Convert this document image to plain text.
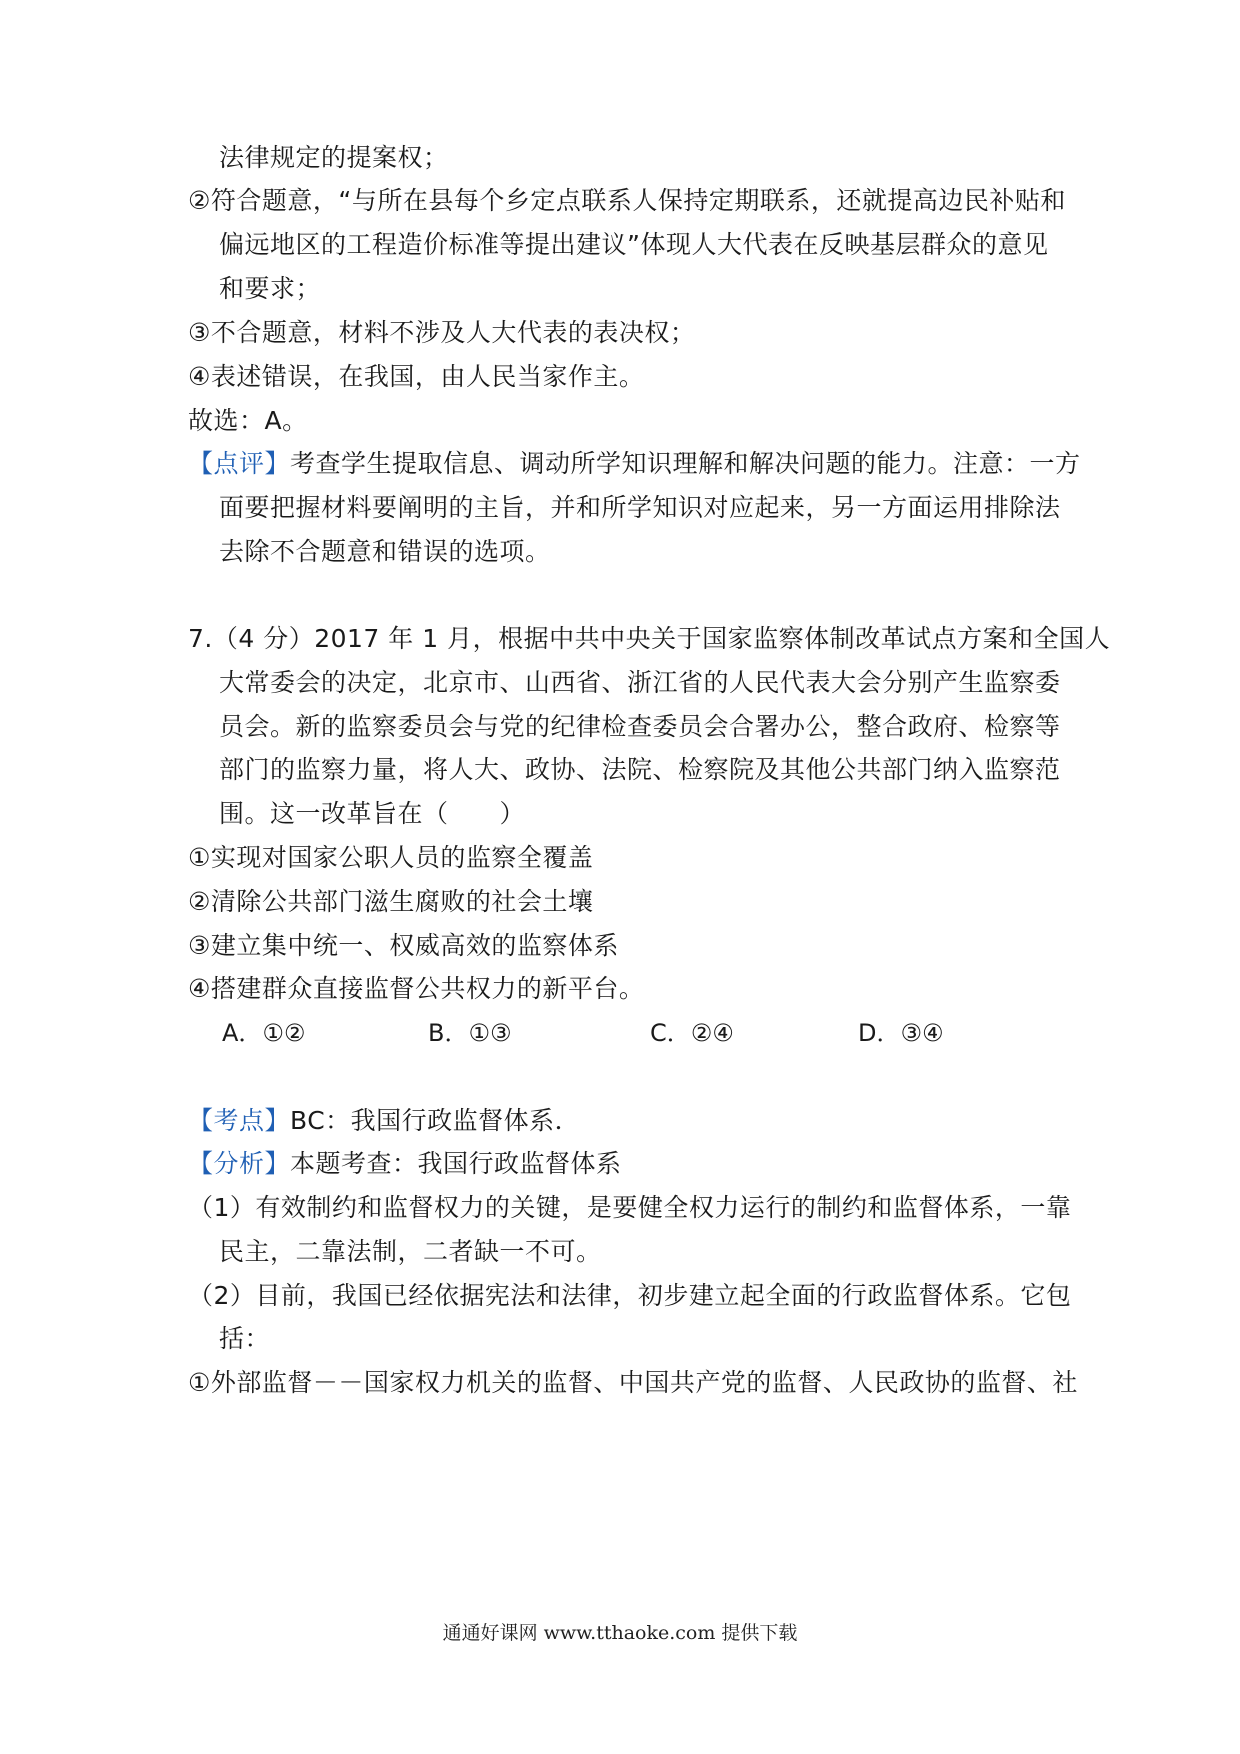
法律规定的提案权；
②符合题意，“与所在县每个乡定点联系人保持定期联系，还就提高边民补贴和
偏远地区的工程造价标准等提出建议”体现人大代表在反映基层群众的意见
和要求；
③不合题意，材料不涉及人大代表的表决权；
④表述错误，在我国，由人民当家作主。
故选：A。
【点评】考查学生提取信息、调动所学知识理解和解决问题的能力。注意：一方
面要把握材料要阐明的主旨，并和所学知识对应起来，另一方面运用排除法
去除不合题意和错误的选项。
7.（4 分）2017 年 1 月，根据中共中央关于国家监察体制改革试点方案和全国人
大常委会的决定，北京市、山西省、浙江省的人民代表大会分别产生监察委
员会。新的监察委员会与党的纪律检查委员会合署办公，整合政府、检察等
部门的监察力量，将人大、政协、法院、检察院及其他公共部门纳入监察范
围。这一改革旨在（　　）
①实现对国家公职人员的监察全覆盖
②清除公共部门滋生腐败的社会土壤
③建立集中统一、权威高效的监察体系
④搭建群众直接监督公共权力的新平台。
A．①②	B．①③	C．②④	D．③④
【考点】BC：我国行政监督体系．
【分析】本题考查：我国行政监督体系
（1）有效制约和监督权力的关键，是要健全权力运行的制约和监督体系，一靠
民主，二靠法制，二者缺一不可。
（2）目前，我国已经依据宪法和法律，初步建立起全面的行政监督体系。它包
括：
①外部监督－－国家权力机关的监督、中国共产党的监督、人民政协的监督、社
通通好课网 www.tthaoke.com 提供下载
